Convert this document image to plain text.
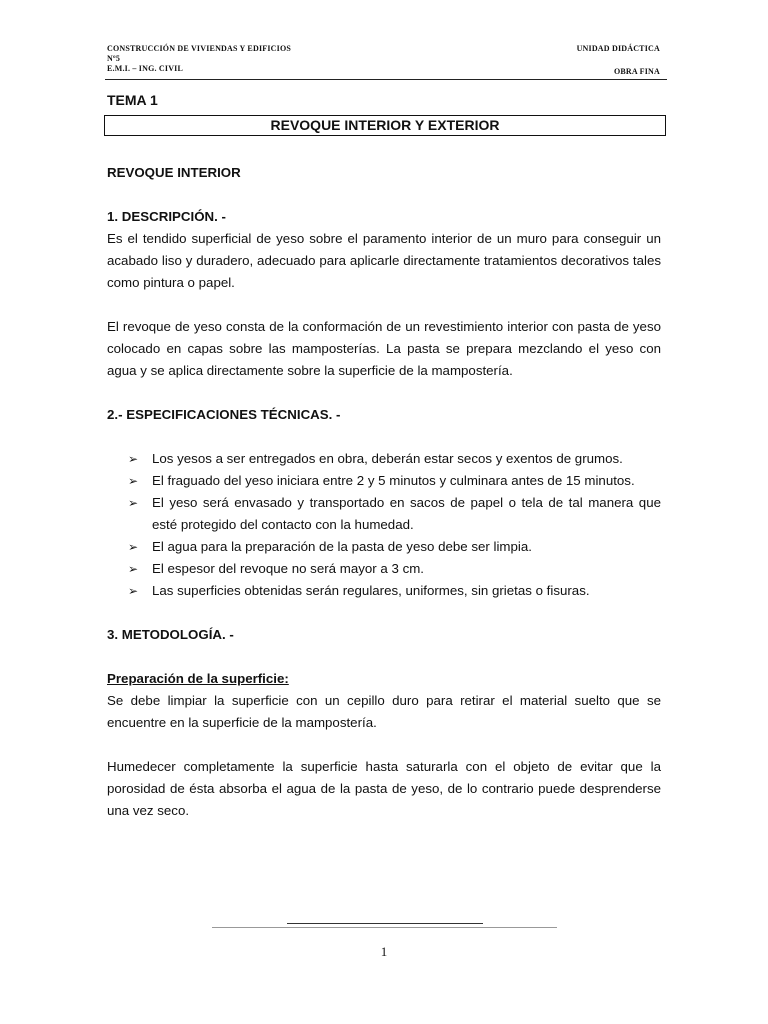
CONSTRUCCIÓN DE VIVIENDAS Y EDIFICIOS
Nº5
E.M.I. – ING. CIVIL
UNIDAD DIDÁCTICA
OBRA FINA
TEMA 1
REVOQUE INTERIOR Y EXTERIOR
REVOQUE INTERIOR
1. DESCRIPCIÓN. -

Es el tendido superficial de yeso sobre el paramento interior de un muro para conseguir un acabado liso y duradero, adecuado para aplicarle directamente tratamientos decorativos tales como pintura o papel.

El revoque de yeso consta de la conformación de un revestimiento interior con pasta de yeso colocado en capas sobre las mamposterías. La pasta se prepara mezclando el yeso con agua y se aplica directamente sobre la superficie de la mampostería.

2.- ESPECIFICACIONES TÉCNICAS. -
➢ Los yesos a ser entregados en obra, deberán estar secos y exentos de grumos.
➢ El fraguado del yeso iniciara entre 2 y 5 minutos y culminara antes de 15 minutos.
➢ El yeso será envasado y transportado en sacos de papel o tela de tal manera que esté protegido del contacto con la humedad.
➢ El agua para la preparación de la pasta de yeso debe ser limpia.
➢ El espesor del revoque no será mayor a 3 cm.
➢ Las superficies obtenidas serán regulares, uniformes, sin grietas o fisuras.
3. METODOLOGÍA. -
Preparación de la superficie:

Se debe limpiar la superficie con un cepillo duro para retirar el material suelto que se encuentre en la superficie de la mampostería.

Humedecer completamente la superficie hasta saturarla con el objeto de evitar que la porosidad de ésta absorba el agua de la pasta de yeso, de lo contrario puede desprenderse una vez seco.

1
